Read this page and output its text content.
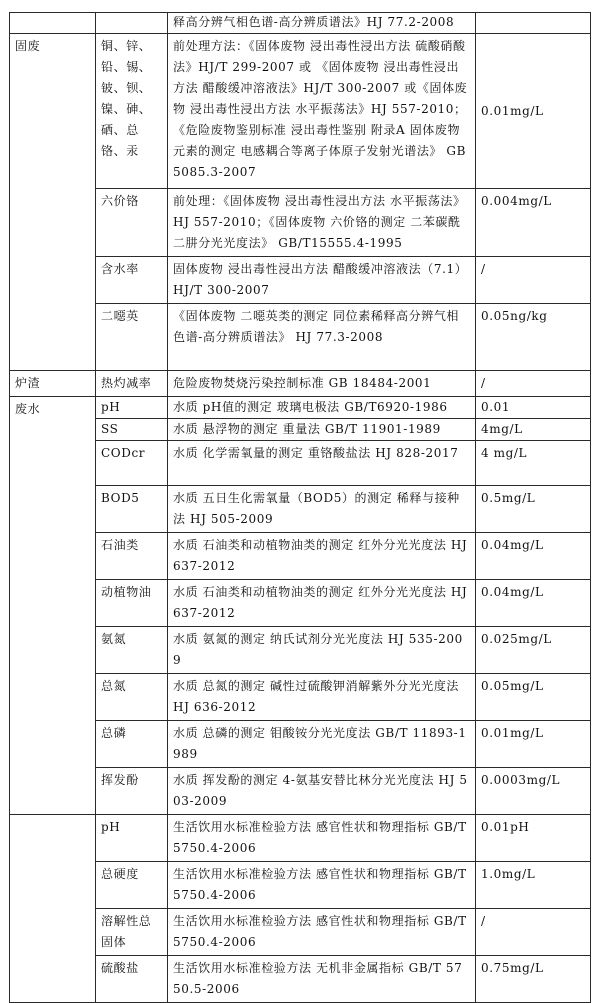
		释高分辨气相色谱-高分辨质谱法》HJ 77.2-2008	
固废	铜、锌、铅、锡、铍、钡、镍、砷、硒、总铬、汞	前处理方法：《固体废物 浸出毒性浸出方法 硫酸硝酸法》HJ/T 299-2007 或 《固体废物 浸出毒性浸出方法 醋酸缓冲溶液法》HJ/T 300-2007 或《固体废物 浸出毒性浸出方法 水平振荡法》HJ 557-2010；《危险废物鉴别标准 浸出毒性鉴别 附录A 固体废物 元素的测定 电感耦合等离子体原子发射光谱法》 GB5085.3-2007	0.01mg/L
	六价铬	前处理：《固体废物 浸出毒性浸出方法 水平振荡法》HJ 557-2010；《固体废物 六价铬的测定 二苯碳酰二肼分光光度法》 GB/T15555.4-1995	0.004mg/L
	含水率	固体废物 浸出毒性浸出方法 醋酸缓冲溶液法（7.1） HJ/T 300-2007	/
	二噁英	《固体废物 二噁英类的测定 同位素稀释高分辨气相色谱-高分辨质谱法》 HJ 77.3-2008	0.05ng/kg
炉渣	热灼减率	危险废物焚烧污染控制标准 GB 18484-2001	/
废水	pH	水质 pH值的测定 玻璃电极法 GB/T6920-1986	0.01
	SS	水质 悬浮物的测定 重量法 GB/T 11901-1989	4mg/L
	CODcr	水质 化学需氧量的测定 重铬酸盐法 HJ 828-2017	4 mg/L
	BOD5	水质 五日生化需氧量（BOD5）的测定 稀释与接种法 HJ 505-2009	0.5mg/L
	石油类	水质 石油类和动植物油类的测定 红外分光光度法 HJ 637-2012	0.04mg/L
	动植物油	水质 石油类和动植物油类的测定 红外分光光度法 HJ 637-2012	0.04mg/L
	氨氮	水质 氨氮的测定 纳氏试剂分光光度法 HJ 535-2009	0.025mg/L
	总氮	水质 总氮的测定 碱性过硫酸钾消解紫外分光光度法 HJ 636-2012	0.05mg/L
	总磷	水质 总磷的测定 钼酸铵分光光度法 GB/T 11893-1989	0.01mg/L
	挥发酚	水质 挥发酚的测定 4-氨基安替比林分光光度法 HJ 503-2009	0.0003mg/L
	pH	生活饮用水标准检验方法 感官性状和物理指标 GB/T 5750.4-2006	0.01pH
	总硬度	生活饮用水标准检验方法 感官性状和物理指标 GB/T 5750.4-2006	1.0mg/L
	溶解性总固体	生活饮用水标准检验方法 感官性状和物理指标 GB/T 5750.4-2006	/
	硫酸盐	生活饮用水标准检验方法 无机非金属指标 GB/T 5750.5-2006	0.75mg/L
